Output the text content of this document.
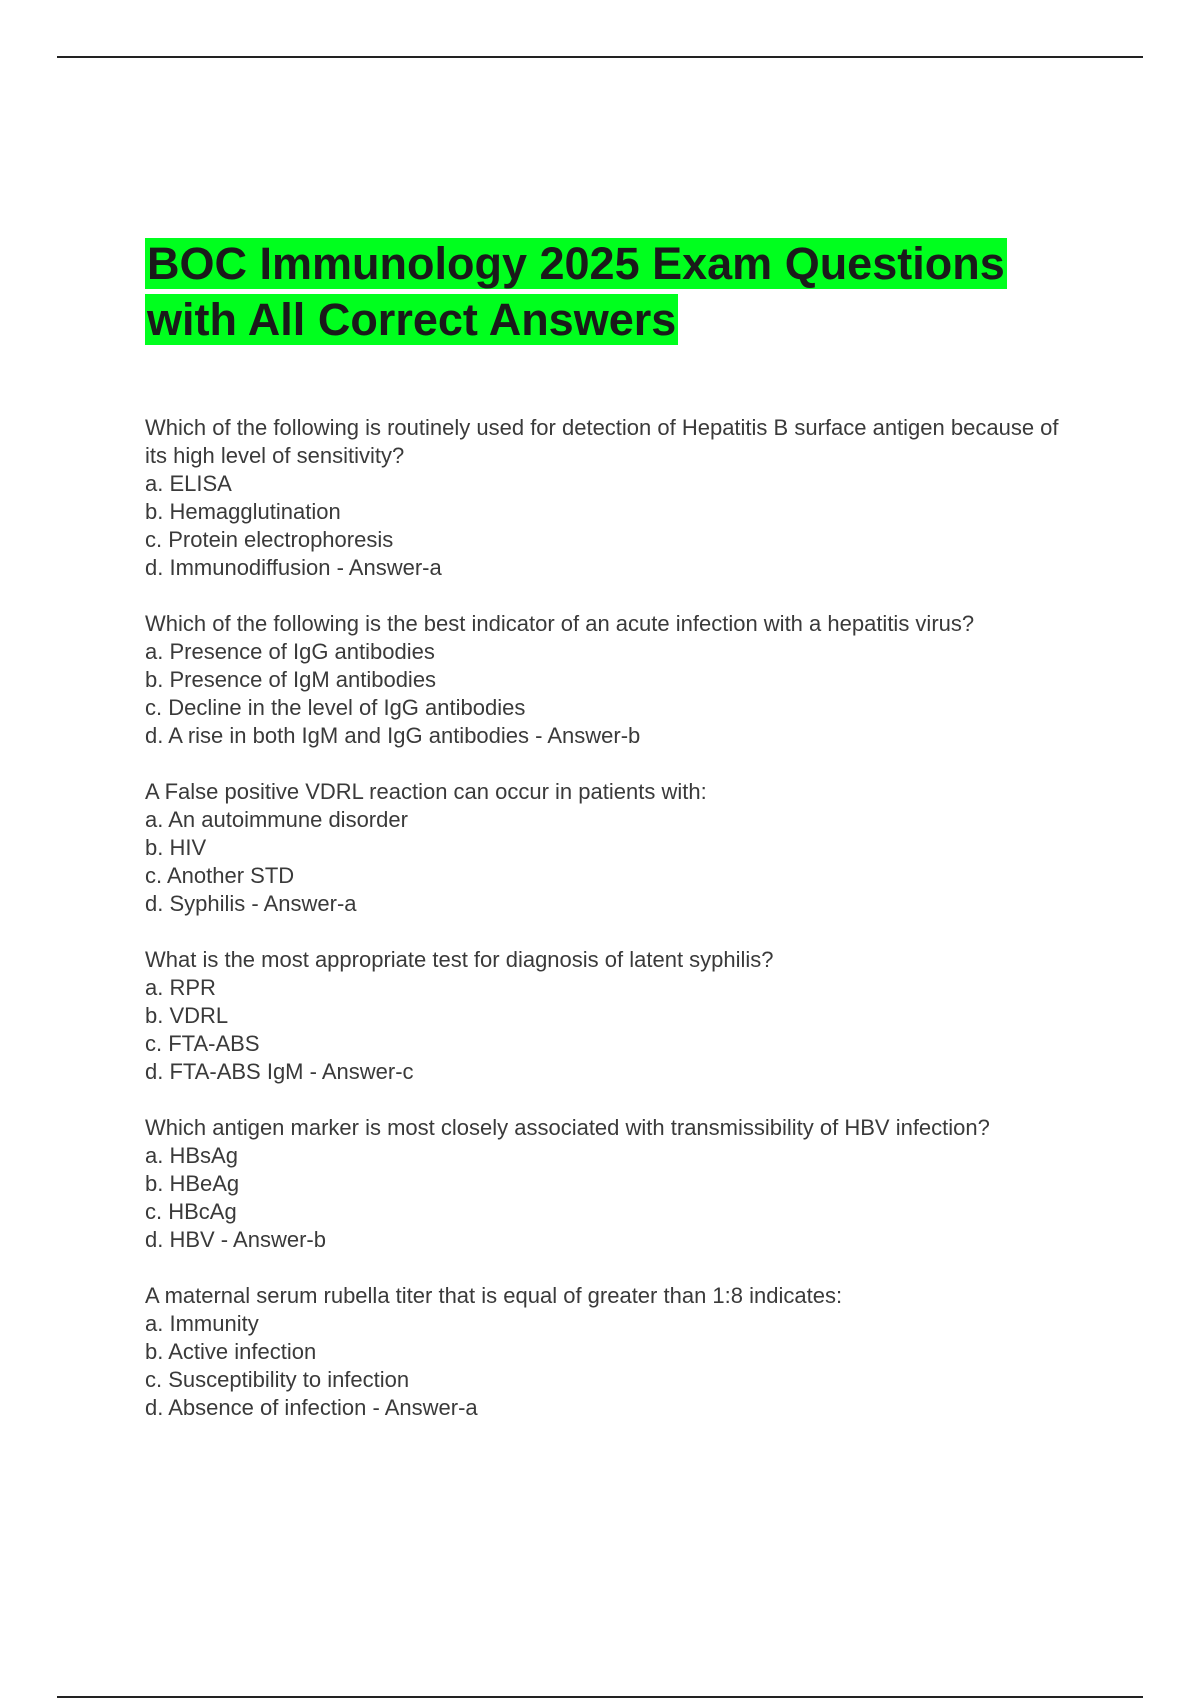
BOC Immunology 2025 Exam Questions
with All Correct Answers
Which of the following is routinely used for detection of Hepatitis B surface antigen because of its high level of sensitivity?
a. ELISA
b. Hemagglutination
c. Protein electrophoresis
d. Immunodiffusion - Answer-a
Which of the following is the best indicator of an acute infection with a hepatitis virus?
a. Presence of IgG antibodies
b. Presence of IgM antibodies
c. Decline in the level of IgG antibodies
d. A rise in both IgM and IgG antibodies - Answer-b
A False positive VDRL reaction can occur in patients with:
a. An autoimmune disorder
b. HIV
c. Another STD
d. Syphilis - Answer-a
What is the most appropriate test for diagnosis of latent syphilis?
a. RPR
b. VDRL
c. FTA-ABS
d. FTA-ABS IgM - Answer-c
Which antigen marker is most closely associated with transmissibility of HBV infection?
a. HBsAg
b. HBeAg
c. HBcAg
d. HBV - Answer-b
A maternal serum rubella titer that is equal of greater than 1:8 indicates:
a. Immunity
b. Active infection
c. Susceptibility to infection
d. Absence of infection - Answer-a
